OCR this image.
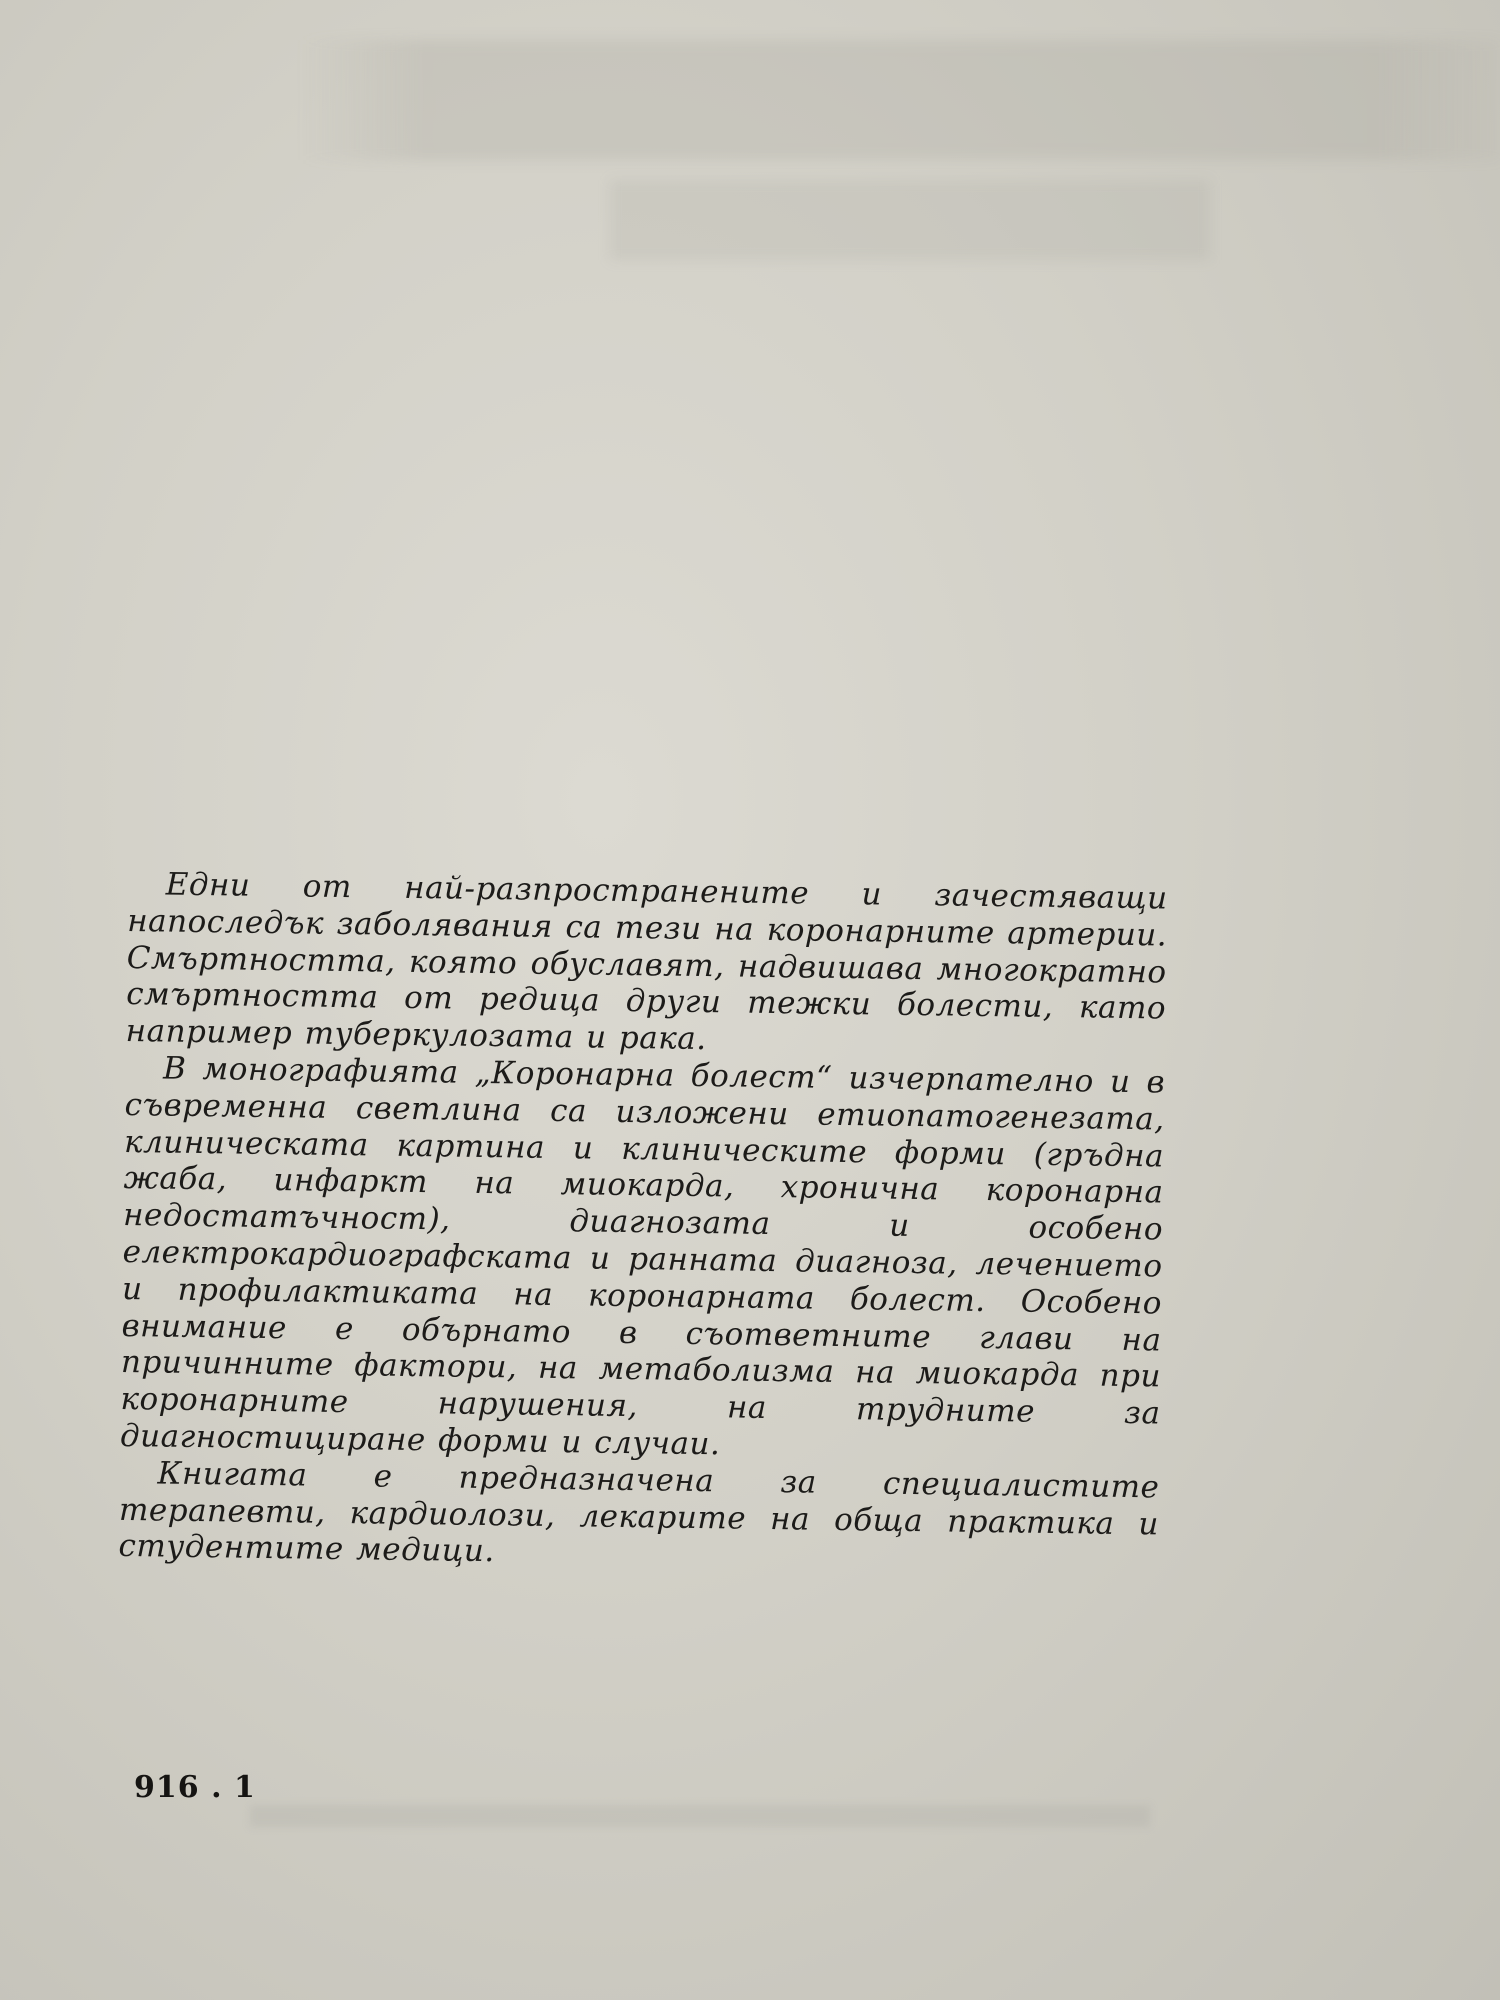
Едни от най-разпространените и зачестяващи напоследък заболявания са тези на коронарните артерии. Смъртността, която обуславят, надвишава многократно смъртността от редица други тежки болести, като например туберкулозата и рака.

В монографията „Коронарна болест“ изчерпателно и в съвременна светлина са изложени етиопатогенезата, клиническата картина и клиническите форми (гръдна жаба, инфаркт на миокарда, хронична коронарна недостатъчност), диагнозата и особено електрокардиографската и ранната диагноза, лечението и профилактиката на коронарната болест. Особено внимание е обърнато в съответните глави на причинните фактори, на метаболизма на миокарда при коронарните нарушения, на трудните за диагностициране форми и случаи.

Книгата е предназначена за специалистите терапевти, кардиолози, лекарите на обща практика и студентите медици.

916 . 1
